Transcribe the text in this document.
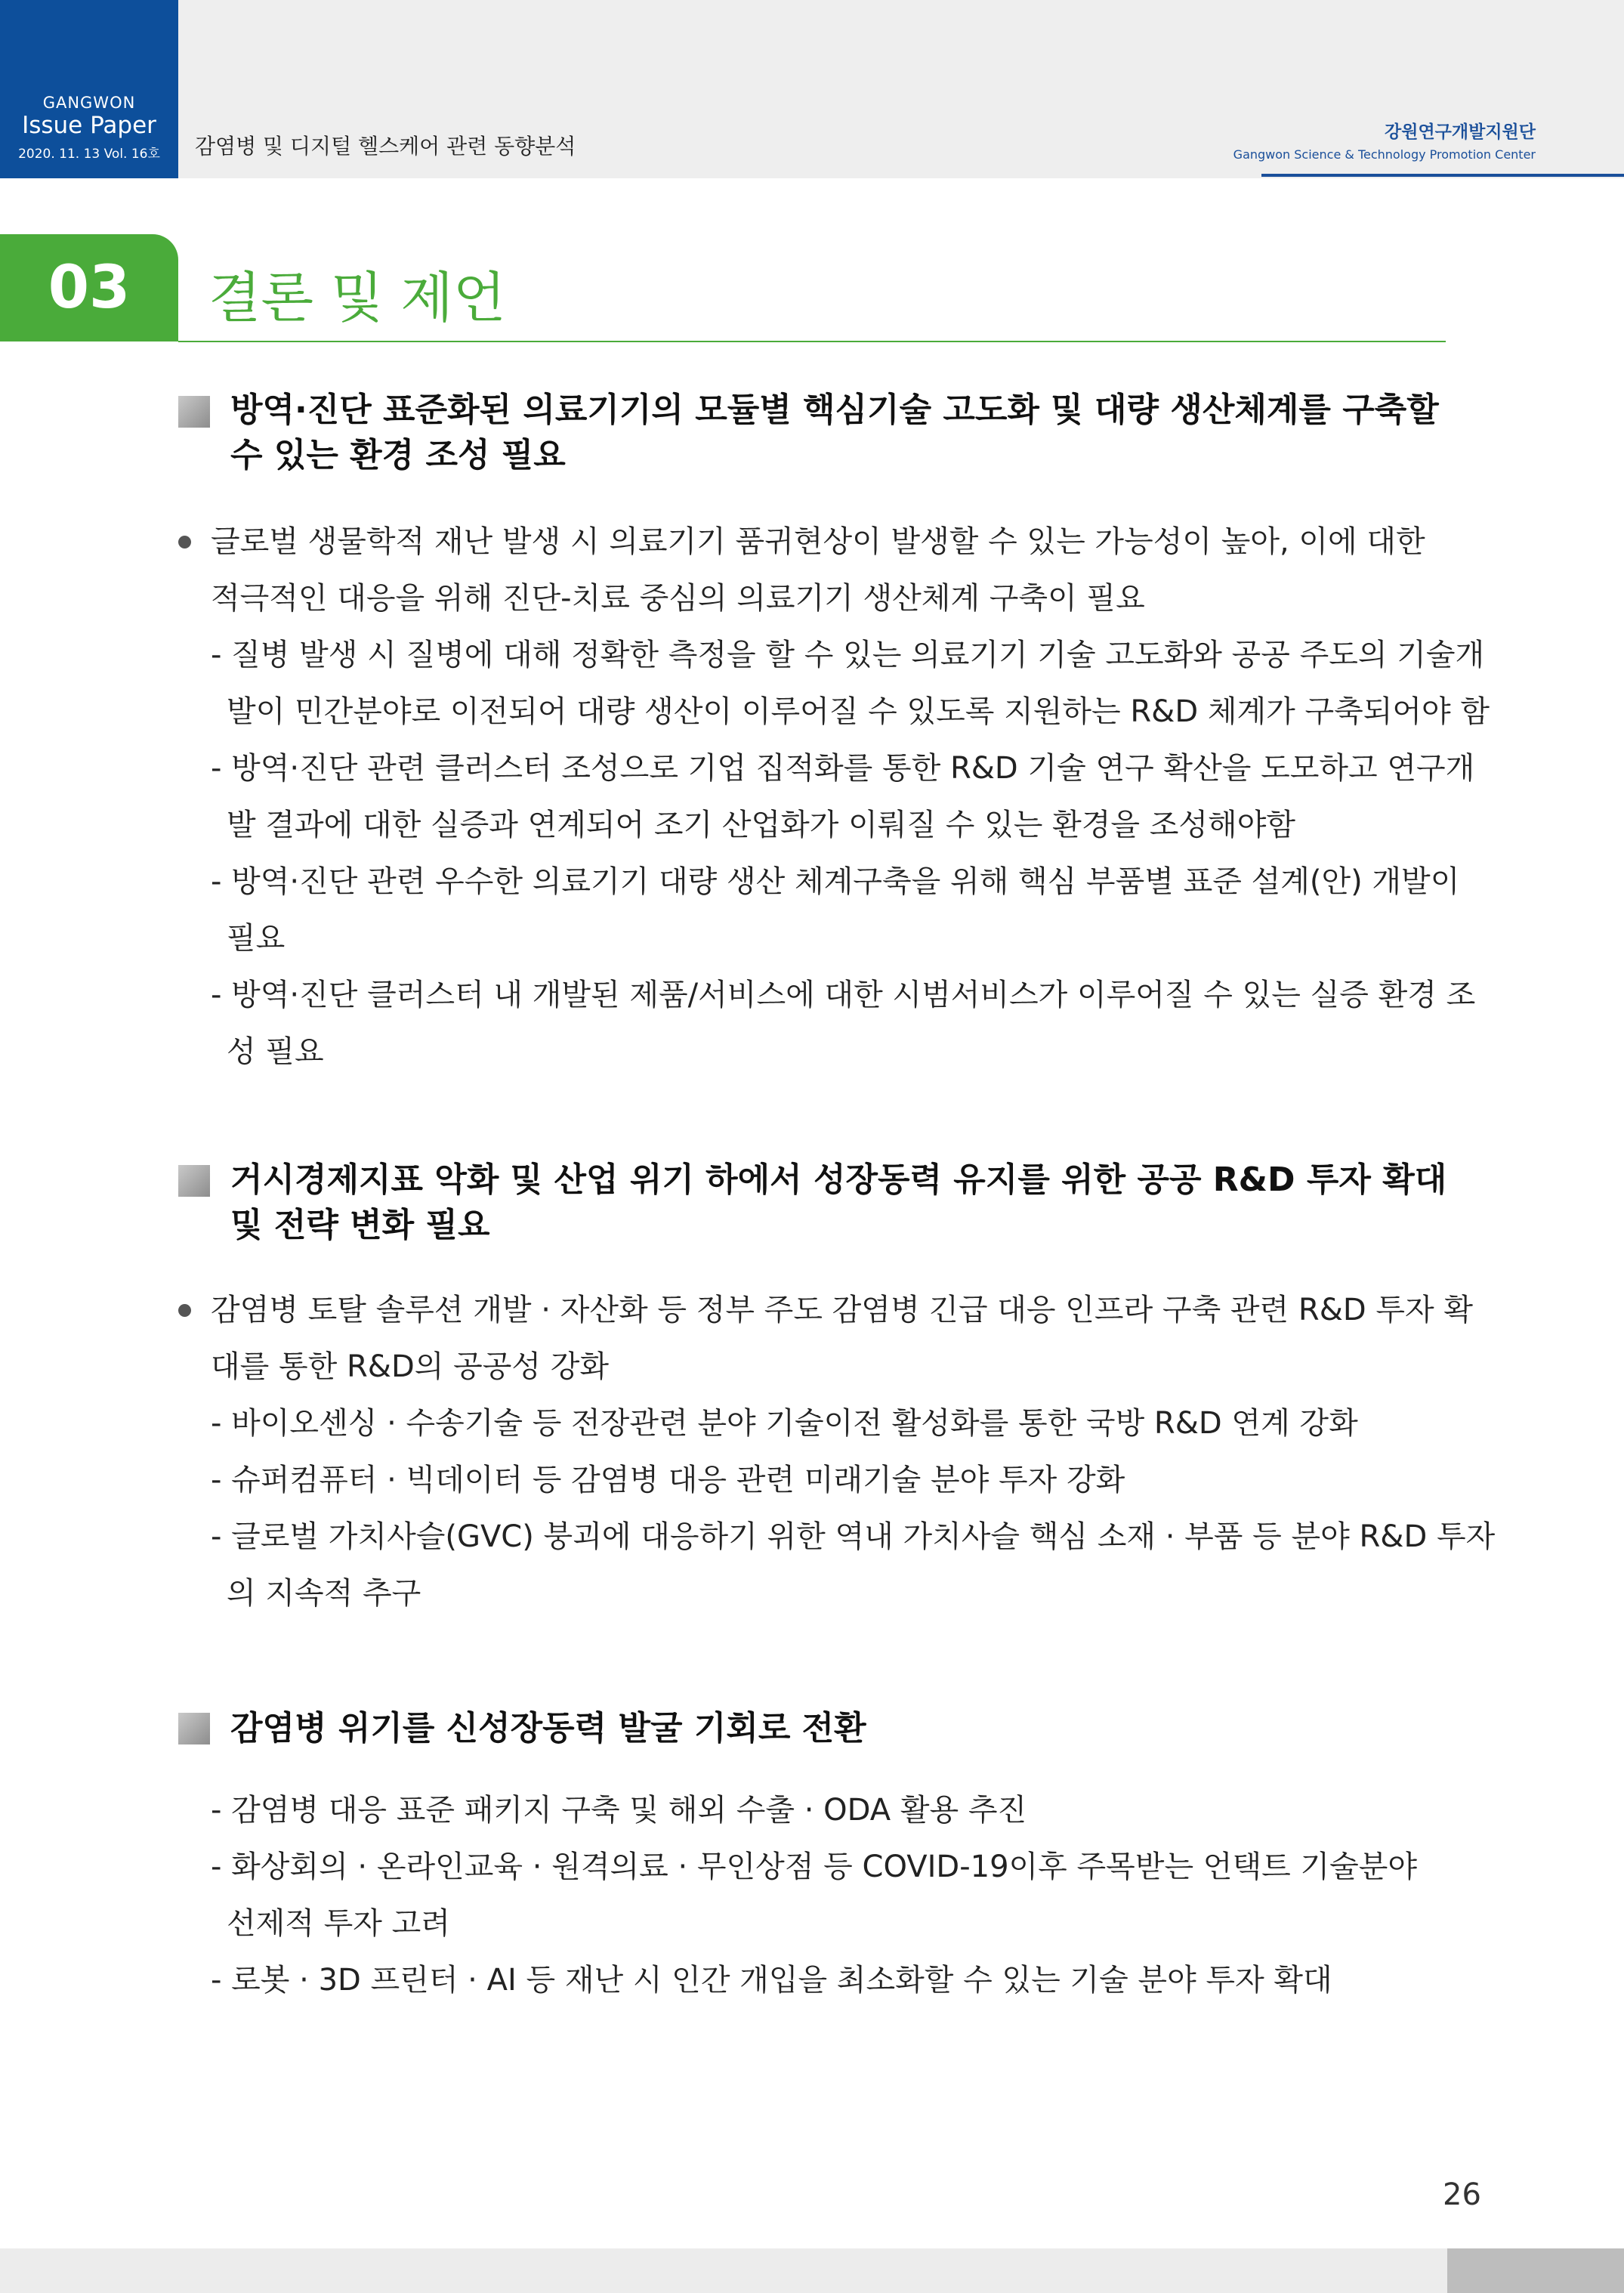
GANGWON
Issue Paper
2020. 11. 13 Vol. 16호	감염병 및 디지털 헬스케어 관련 동향분석
강원연구개발지원단
Gangwon Science & Technology Promotion Center
03	결론 및 제언
방역·진단 표준화된 의료기기의 모듈별 핵심기술 고도화 및 대량 생산체계를 구축할
수 있는 환경 조성 필요
글로벌 생물학적 재난 발생 시 의료기기 품귀현상이 발생할 수 있는 가능성이 높아, 이에 대한
적극적인 대응을 위해 진단-치료 중심의 의료기기 생산체계 구축이 필요
- 질병 발생 시 질병에 대해 정확한 측정을 할 수 있는 의료기기 기술 고도화와 공공 주도의 기술개
발이 민간분야로 이전되어 대량 생산이 이루어질 수 있도록 지원하는 R&D 체계가 구축되어야 함
- 방역·진단 관련 클러스터 조성으로 기업 집적화를 통한 R&D 기술 연구 확산을 도모하고 연구개
발 결과에 대한 실증과 연계되어 조기 산업화가 이뤄질 수 있는 환경을 조성해야함
- 방역·진단 관련 우수한 의료기기 대량 생산 체계구축을 위해 핵심 부품별 표준 설계(안) 개발이
필요
- 방역·진단 클러스터 내 개발된 제품/서비스에 대한 시범서비스가 이루어질 수 있는 실증 환경 조
성 필요
거시경제지표 악화 및 산업 위기 하에서 성장동력 유지를 위한 공공 R&D 투자 확대
및 전략 변화 필요
감염병 토탈 솔루션 개발 · 자산화 등 정부 주도 감염병 긴급 대응 인프라 구축 관련 R&D 투자 확
대를 통한 R&D의 공공성 강화
- 바이오센싱 · 수송기술 등 전장관련 분야 기술이전 활성화를 통한 국방 R&D 연계 강화
- 슈퍼컴퓨터 · 빅데이터 등 감염병 대응 관련 미래기술 분야 투자 강화
- 글로벌 가치사슬(GVC) 붕괴에 대응하기 위한 역내 가치사슬 핵심 소재 · 부품 등 분야 R&D 투자
의 지속적 추구
감염병 위기를 신성장동력 발굴 기회로 전환
- 감염병 대응 표준 패키지 구축 및 해외 수출 · ODA 활용 추진
- 화상회의 · 온라인교육 · 원격의료 · 무인상점 등 COVID-19이후 주목받는 언택트 기술분야
선제적 투자 고려
- 로봇 · 3D 프린터 · AI 등 재난 시 인간 개입을 최소화할 수 있는 기술 분야 투자 확대
26
